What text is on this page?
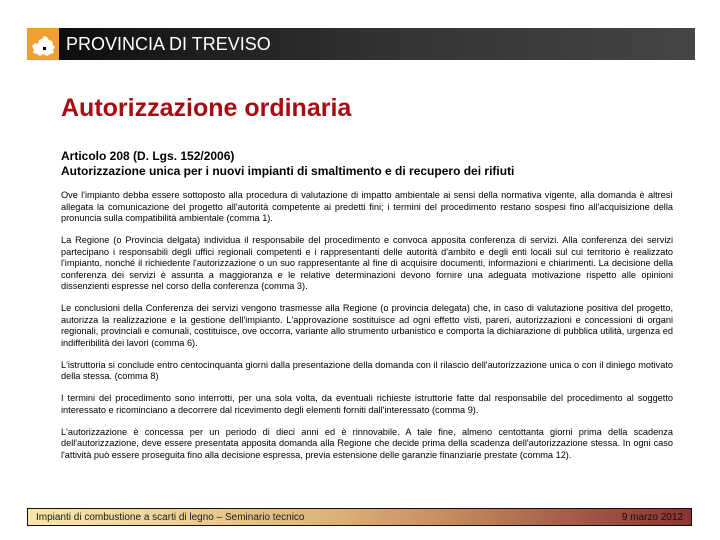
PROVINCIA DI TREVISO
Autorizzazione ordinaria
Articolo 208 (D. Lgs. 152/2006)
Autorizzazione unica per i nuovi impianti di smaltimento e di recupero dei rifiuti

Ove l'impianto debba essere sottoposto alla procedura di valutazione di impatto ambientale ai sensi della normativa vigente, alla domanda è altresì allegata la comunicazione del progetto all'autorità competente ai predetti fini; i termini del procedimento restano sospesi fino all'acquisizione della pronuncia sulla compatibilità ambientale (comma 1).

La Regione (o Provincia delgata) individua il responsabile del procedimento e convoca apposita conferenza di servizi. Alla conferenza dei servizi partecipano i responsabili degli uffici regionali competenti e i rappresentanti delle autorità d'ambito e degli enti locali sul cui territorio è realizzato l'impianto, nonché il richiedente l'autorizzazione o un suo rappresentante al fine di acquisire documenti, informazioni e chiarimenti. La decisione della conferenza dei servizi è assunta a maggioranza e le relative determinazioni devono fornire una adeguata motivazione rispetto alle opinioni dissenzienti espresse nel corso della conferenza (comma 3).

Le conclusioni della Conferenza dei servizi vengono trasmesse alla Regione (o provincia delegata) che, in caso di valutazione positiva del progetto, autorizza la realizzazione e la gestione dell'impianto. L'approvazione sostituisce ad ogni effetto visti, pareri, autorizzazioni e concessioni di organi regionali, provinciali e comunali, costituisce, ove occorra, variante allo strumento urbanistico e comporta la dichiarazione di pubblica utilità, urgenza ed indifferibilità dei lavori (comma 6).

L'istruttoria si conclude entro centocinquanta giorni dalla presentazione della domanda con il rilascio dell'autorizzazione unica o con il diniego motivato della stessa. (comma 8)

I termini del procedimento sono interrotti, per una sola volta, da eventuali richieste istruttorie fatte dal responsabile del procedimento al soggetto interessato e ricominciano a decorrere dal ricevimento degli elementi forniti dall'interessato (comma 9).

L'autorizzazione è concessa per un periodo di dieci anni ed è rinnovabile. A tale fine, almeno centottanta giorni prima della scadenza dell'autorizzazione, deve essere presentata apposita domanda alla Regione che decide prima della scadenza dell'autorizzazione stessa. In ogni caso l'attività può essere proseguita fino alla decisione espressa, previa estensione delle garanzie finanziarie prestate (comma 12).

Impianti di combustione a scarti di legno – Seminario tecnico	9 marzo 2012
